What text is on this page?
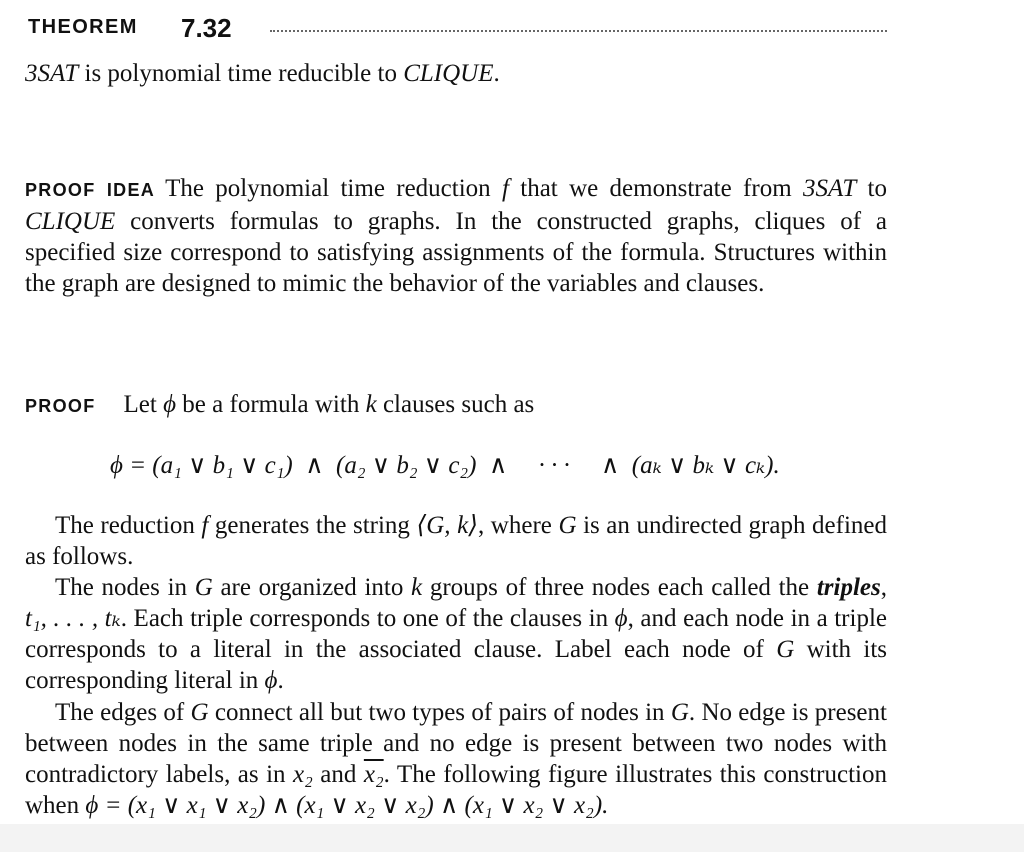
THEOREM 7.32
3SAT is polynomial time reducible to CLIQUE.
PROOF IDEA The polynomial time reduction f that we demonstrate from 3SAT to CLIQUE converts formulas to graphs. In the constructed graphs, cliques of a specified size correspond to satisfying assignments of the formula. Structures within the graph are designed to mimic the behavior of the variables and clauses.
PROOF Let ϕ be a formula with k clauses such as
ϕ = (a₁ ∨ b₁ ∨ c₁)  ∧  (a₂ ∨ b₂ ∨ c₂)  ∧     · · ·     ∧  (aₖ ∨ bₖ ∨ cₖ).
The reduction f generates the string ⟨G, k⟩, where G is an undirected graph defined as follows.
The nodes in G are organized into k groups of three nodes each called the triples, t₁, . . . , tₖ. Each triple corresponds to one of the clauses in ϕ, and each node in a triple corresponds to a literal in the associated clause. Label each node of G with its corresponding literal in ϕ.
The edges of G connect all but two types of pairs of nodes in G. No edge is present between nodes in the same triple and no edge is present between two nodes with contradictory labels, as in x₂ and x₂. The following figure illustrates this construction when ϕ = (x₁ ∨ x₁ ∨ x₂) ∧ (x₁ ∨ x₂ ∨ x₂) ∧ (x₁ ∨ x₂ ∨ x₂).
